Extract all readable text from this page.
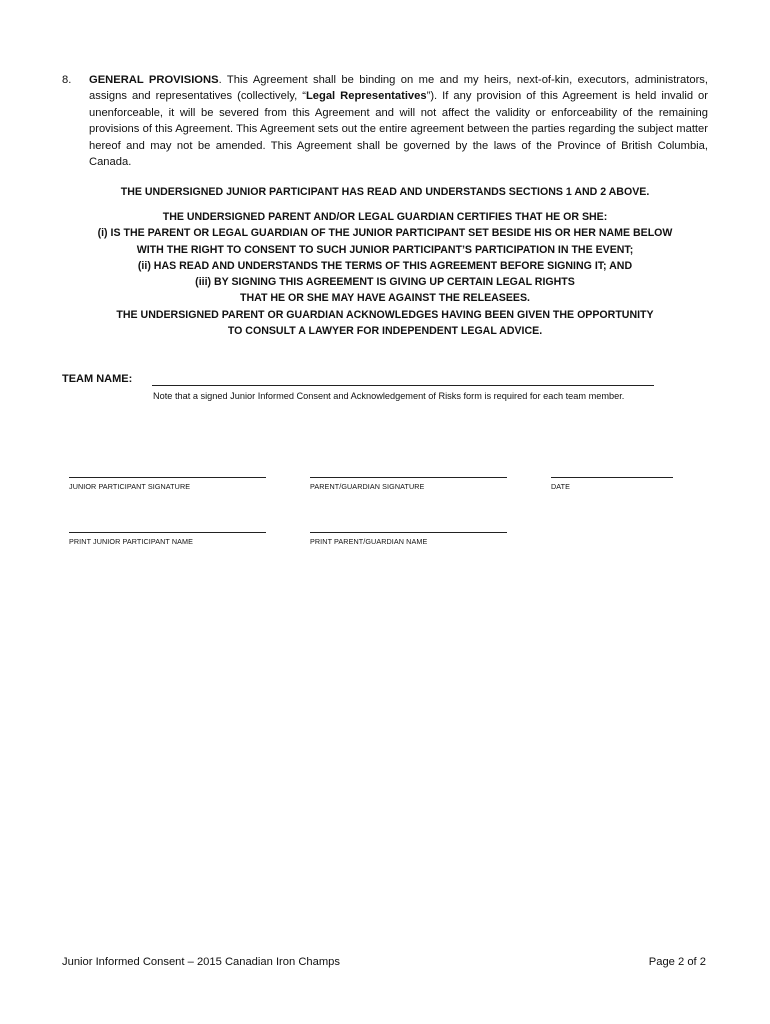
8. GENERAL PROVISIONS. This Agreement shall be binding on me and my heirs, next-of-kin, executors, administrators, assigns and representatives (collectively, “Legal Representatives”). If any provision of this Agreement is held invalid or unenforceable, it will be severed from this Agreement and will not affect the validity or enforceability of the remaining provisions of this Agreement. This Agreement sets out the entire agreement between the parties regarding the subject matter hereof and may not be amended. This Agreement shall be governed by the laws of the Province of British Columbia, Canada.
THE UNDERSIGNED JUNIOR PARTICIPANT HAS READ AND UNDERSTANDS SECTIONS 1 AND 2 ABOVE.
THE UNDERSIGNED PARENT AND/OR LEGAL GUARDIAN CERTIFIES THAT HE OR SHE:
(i) IS THE PARENT OR LEGAL GUARDIAN OF THE JUNIOR PARTICIPANT SET BESIDE HIS OR HER NAME BELOW
WITH THE RIGHT TO CONSENT TO SUCH JUNIOR PARTICIPANT’S PARTICIPATION IN THE EVENT;
(ii) HAS READ AND UNDERSTANDS THE TERMS OF THIS AGREEMENT BEFORE SIGNING IT; AND
(iii) BY SIGNING THIS AGREEMENT IS GIVING UP CERTAIN LEGAL RIGHTS
THAT HE OR SHE MAY HAVE AGAINST THE RELEASEES.
THE UNDERSIGNED PARENT OR GUARDIAN ACKNOWLEDGES HAVING BEEN GIVEN THE OPPORTUNITY
TO CONSULT A LAWYER FOR INDEPENDENT LEGAL ADVICE.
TEAM NAME:
Note that a signed Junior Informed Consent and Acknowledgement of Risks form is required for each team member.
JUNIOR PARTICIPANT SIGNATURE	PARENT/GUARDIAN SIGNATURE	DATE
PRINT JUNIOR PARTICIPANT NAME	PRINT PARENT/GUARDIAN NAME
Junior Informed Consent – 2015 Canadian Iron Champs	Page 2 of 2
